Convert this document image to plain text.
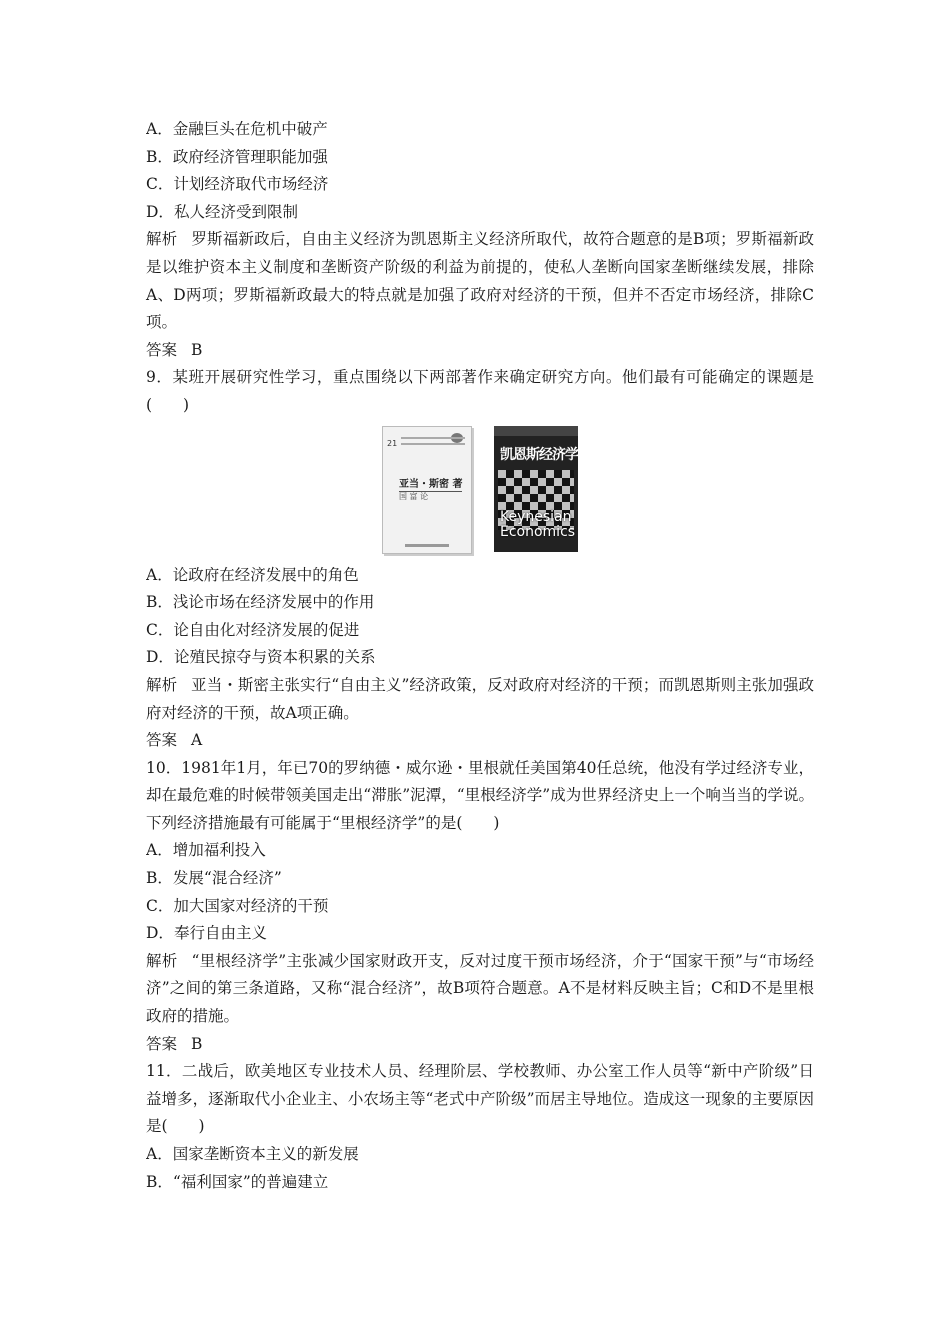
A．金融巨头在危机中破产
B．政府经济管理职能加强
C．计划经济取代市场经济
D．私人经济受到限制
解析 罗斯福新政后，自由主义经济为凯恩斯主义经济所取代，故符合题意的是B项；罗斯福新政是以维护资本主义制度和垄断资产阶级的利益为前提的，使私人垄断向国家垄断继续发展，排除A、D两项；罗斯福新政最大的特点就是加强了政府对经济的干预，但并不否定市场经济，排除C项。
答案 B
9．某班开展研究性学习，重点围绕以下两部著作来确定研究方向。他们最有可能确定的课题是(　　)
21
亚当・斯密 著
国 富 论
凯恩斯经济学
Keynesian Economics
A．论政府在经济发展中的角色
B．浅论市场在经济发展中的作用
C．论自由化对经济发展的促进
D．论殖民掠夺与资本积累的关系
解析 亚当・斯密主张实行“自由主义”经济政策，反对政府对经济的干预；而凯恩斯则主张加强政府对经济的干预，故A项正确。
答案 A
10．1981年1月，年已70的罗纳德・威尔逊・里根就任美国第40任总统，他没有学过经济专业，却在最危难的时候带领美国走出“滞胀”泥潭，“里根经济学”成为世界经济史上一个响当当的学说。下列经济措施最有可能属于“里根经济学”的是(　　)
A．增加福利投入
B．发展“混合经济”
C．加大国家对经济的干预
D．奉行自由主义
解析 “里根经济学”主张减少国家财政开支，反对过度干预市场经济，介于“国家干预”与“市场经济”之间的第三条道路，又称“混合经济”，故B项符合题意。A不是材料反映主旨；C和D不是里根政府的措施。
答案 B
11．二战后，欧美地区专业技术人员、经理阶层、学校教师、办公室工作人员等“新中产阶级”日益增多，逐渐取代小企业主、小农场主等“老式中产阶级”而居主导地位。造成这一现象的主要原因是(　　)
A．国家垄断资本主义的新发展
B．“福利国家”的普遍建立
